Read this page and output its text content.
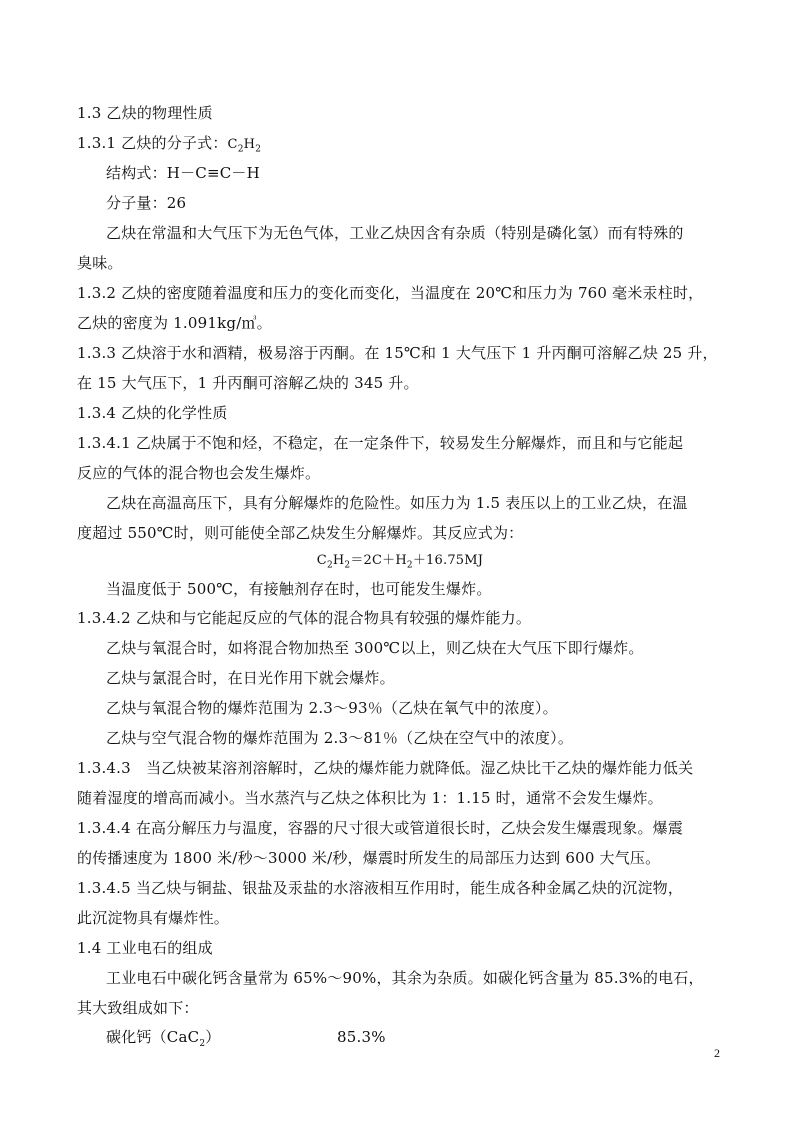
1.3 乙炔的物理性质
1.3.1 乙炔的分子式：$C_2H_2$
结构式：H－C≡C－H
分子量：26
乙炔在常温和大气压下为无色气体，工业乙炔因含有杂质（特别是磷化氢）而有特殊的
臭味。
1.3.2 乙炔的密度随着温度和压力的变化而变化，当温度在 20℃和压力为 760 毫米汞柱时，
乙炔的密度为 1.091kg/㎥。
1.3.3 乙炔溶于水和酒精，极易溶于丙酮。在 15℃和 1 大气压下 1 升丙酮可溶解乙炔 25 升，
在 15 大气压下，1 升丙酮可溶解乙炔的 345 升。
1.3.4 乙炔的化学性质
1.3.4.1 乙炔属于不饱和烃，不稳定，在一定条件下，较易发生分解爆炸，而且和与它能起
反应的气体的混合物也会发生爆炸。
乙炔在高温高压下，具有分解爆炸的危险性。如压力为 1.5 表压以上的工业乙炔，在温
度超过 550℃时，则可能使全部乙炔发生分解爆炸。其反应式为：
$C_2H_2=2C+H_2+16.75MJ$
当温度低于 500℃，有接触剂存在时，也可能发生爆炸。
1.3.4.2 乙炔和与它能起反应的气体的混合物具有较强的爆炸能力。
乙炔与氧混合时，如将混合物加热至 300℃以上，则乙炔在大气压下即行爆炸。
乙炔与氯混合时，在日光作用下就会爆炸。
乙炔与氧混合物的爆炸范围为 2.3～93％（乙炔在氧气中的浓度）。
乙炔与空气混合物的爆炸范围为 2.3～81％（乙炔在空气中的浓度）。
1.3.4.3　当乙炔被某溶剂溶解时，乙炔的爆炸能力就降低。湿乙炔比干乙炔的爆炸能力低关
随着湿度的增高而减小。当水蒸汽与乙炔之体积比为 1：1.15 时，通常不会发生爆炸。
1.3.4.4 在高分解压力与温度，容器的尺寸很大或管道很长时，乙炔会发生爆震现象。爆震
的传播速度为 1800 米/秒～3000 米/秒，爆震时所发生的局部压力达到 600 大气压。
1.3.4.5 当乙炔与铜盐、银盐及汞盐的水溶液相互作用时，能生成各种金属乙炔的沉淀物，
此沉淀物具有爆炸性。
1.4 工业电石的组成
工业电石中碳化钙含量常为 65%～90%，其余为杂质。如碳化钙含量为 85.3%的电石，
其大致组成如下：
碳化钙（CaC$_2$）	85.3%
2
